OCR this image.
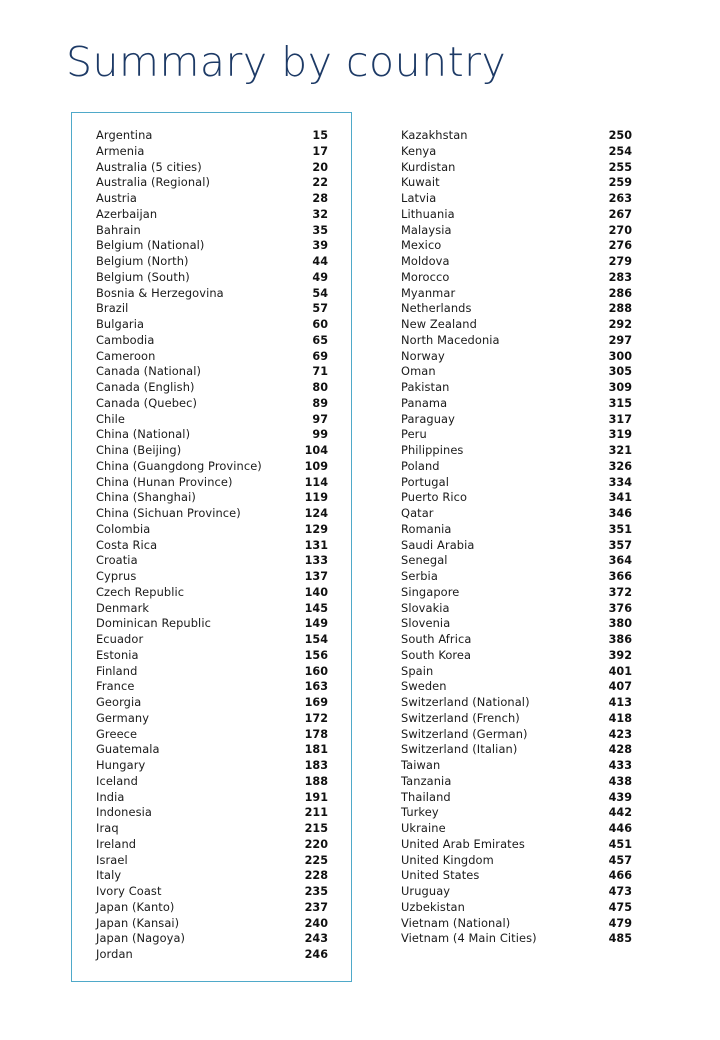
Summary by country
Argentina	15
Armenia	17
Australia (5 cities)	20
Australia (Regional)	22
Austria	28
Azerbaijan	32
Bahrain	35
Belgium (National)	39
Belgium (North)	44
Belgium (South)	49
Bosnia & Herzegovina	54
Brazil	57
Bulgaria	60
Cambodia	65
Cameroon	69
Canada (National)	71
Canada (English)	80
Canada (Quebec)	89
Chile	97
China (National)	99
China (Beijing)	104
China (Guangdong Province)	109
China (Hunan Province)	114
China (Shanghai)	119
China (Sichuan Province)	124
Colombia	129
Costa Rica	131
Croatia	133
Cyprus	137
Czech Republic	140
Denmark	145
Dominican Republic	149
Ecuador	154
Estonia	156
Finland	160
France	163
Georgia	169
Germany	172
Greece	178
Guatemala	181
Hungary	183
Iceland	188
India	191
Indonesia	211
Iraq	215
Ireland	220
Israel	225
Italy	228
Ivory Coast	235
Japan (Kanto)	237
Japan (Kansai)	240
Japan (Nagoya)	243
Jordan	246
Kazakhstan	250
Kenya	254
Kurdistan	255
Kuwait	259
Latvia	263
Lithuania	267
Malaysia	270
Mexico	276
Moldova	279
Morocco	283
Myanmar	286
Netherlands	288
New Zealand	292
North Macedonia	297
Norway	300
Oman	305
Pakistan	309
Panama	315
Paraguay	317
Peru	319
Philippines	321
Poland	326
Portugal	334
Puerto Rico	341
Qatar	346
Romania	351
Saudi Arabia	357
Senegal	364
Serbia	366
Singapore	372
Slovakia	376
Slovenia	380
South Africa	386
South Korea	392
Spain	401
Sweden	407
Switzerland (National)	413
Switzerland (French)	418
Switzerland (German)	423
Switzerland (Italian)	428
Taiwan	433
Tanzania	438
Thailand	439
Turkey	442
Ukraine	446
United Arab Emirates	451
United Kingdom	457
United States	466
Uruguay	473
Uzbekistan	475
Vietnam (National)	479
Vietnam (4 Main Cities)	485
